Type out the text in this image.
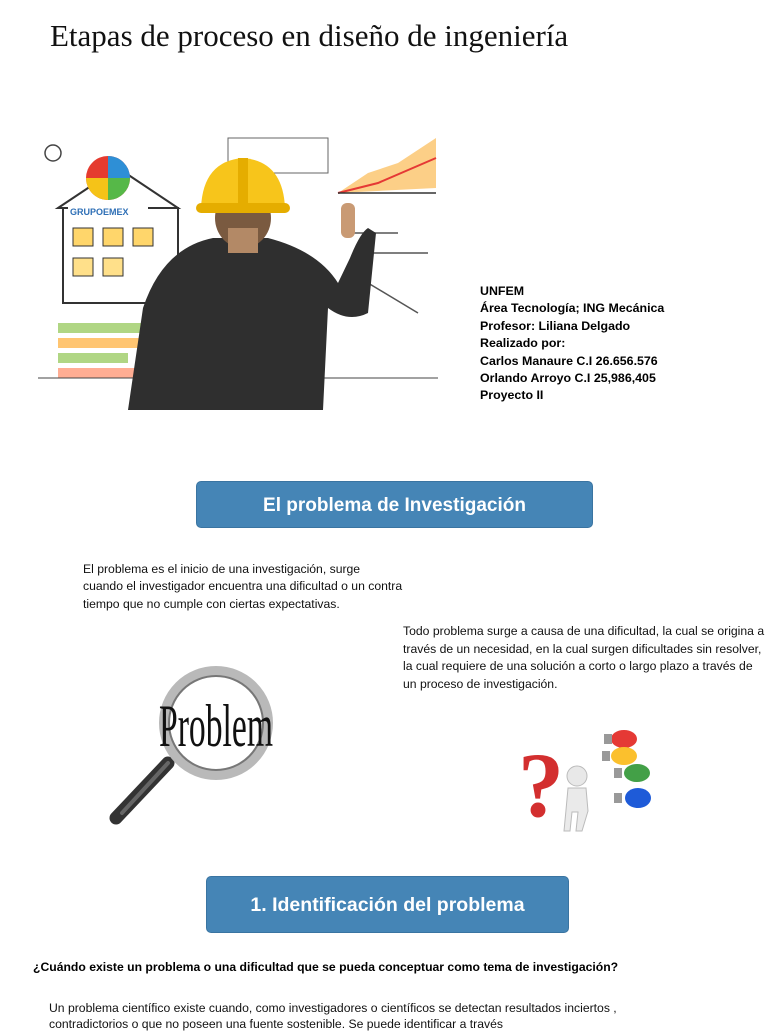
Etapas de proceso en diseño de ingeniería
GRUPOEMEX
UNFEM
Área Tecnología; ING Mecánica
Profesor: Liliana Delgado
Realizado por:
Carlos Manaure C.I 26.656.576
Orlando Arroyo C.I 25,986,405
Proyecto II
El problema de Investigación
El problema es el inicio de una investigación, surge cuando el investigador encuentra una dificultad o un contra tiempo que no cumple con ciertas expectativas.
Todo problema surge a causa de una dificultad, la cual se origina a través de un necesidad, en la cual surgen dificultades sin resolver, la cual requiere de una solución a corto o largo plazo a través de un proceso de investigación.
Problem
?
1. Identificación del problema
¿Cuándo existe un problema o una dificultad que se pueda conceptuar como tema de investigación?
Un problema científico existe cuando, como investigadores o científicos se detectan resultados inciertos , contradictorios o que no poseen una fuente sostenible. Se puede identificar a través
